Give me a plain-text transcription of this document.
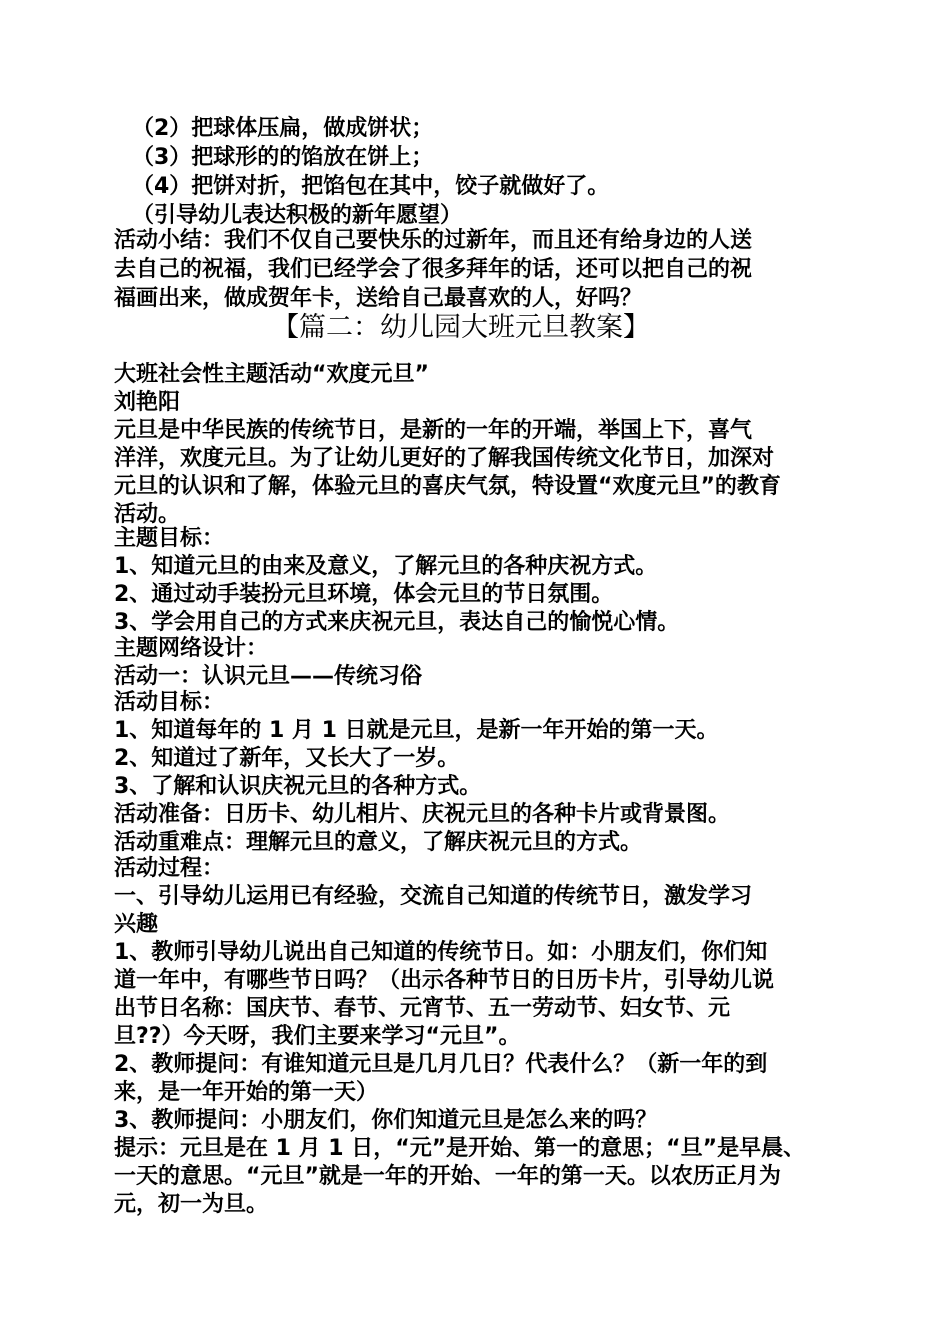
（2）把球体压扁，做成饼状；
（3）把球形的的馅放在饼上；
（4）把饼对折，把馅包在其中，饺子就做好了。
（引导幼儿表达积极的新年愿望）
活动小结：我们不仅自己要快乐的过新年，而且还有给身边的人送
去自己的祝福，我们已经学会了很多拜年的话，还可以把自己的祝
福画出来，做成贺年卡，送给自己最喜欢的人，好吗？
【篇二：幼儿园大班元旦教案】
大班社会性主题活动“欢度元旦”
刘艳阳
元旦是中华民族的传统节日，是新的一年的开端，举国上下，喜气
洋洋，欢度元旦。为了让幼儿更好的了解我国传统文化节日，加深对
元旦的认识和了解，体验元旦的喜庆气氛，特设置“欢度元旦”的教育
活动。
主题目标：
1、知道元旦的由来及意义，了解元旦的各种庆祝方式。
2、通过动手装扮元旦环境，体会元旦的节日氛围。
3、学会用自己的方式来庆祝元旦，表达自己的愉悦心情。
主题网络设计：
活动一：认识元旦——传统习俗
活动目标：
1、知道每年的 1 月 1 日就是元旦，是新一年开始的第一天。
2、知道过了新年，又长大了一岁。
3、了解和认识庆祝元旦的各种方式。
活动准备：日历卡、幼儿相片、庆祝元旦的各种卡片或背景图。
活动重难点：理解元旦的意义，了解庆祝元旦的方式。
活动过程：
一、引导幼儿运用已有经验，交流自己知道的传统节日，激发学习
兴趣
1、教师引导幼儿说出自己知道的传统节日。如：小朋友们，你们知
道一年中，有哪些节日吗？（出示各种节日的日历卡片，引导幼儿说
出节日名称：国庆节、春节、元宵节、五一劳动节、妇女节、元
旦??）今天呀，我们主要来学习“元旦”。
2、教师提问：有谁知道元旦是几月几日？代表什么？（新一年的到
来，是一年开始的第一天）
3、教师提问：小朋友们，你们知道元旦是怎么来的吗？
提示：元旦是在 1 月 1 日，“元”是开始、第一的意思；“旦”是早晨、
一天的意思。“元旦”就是一年的开始、一年的第一天。以农历正月为
元，初一为旦。
